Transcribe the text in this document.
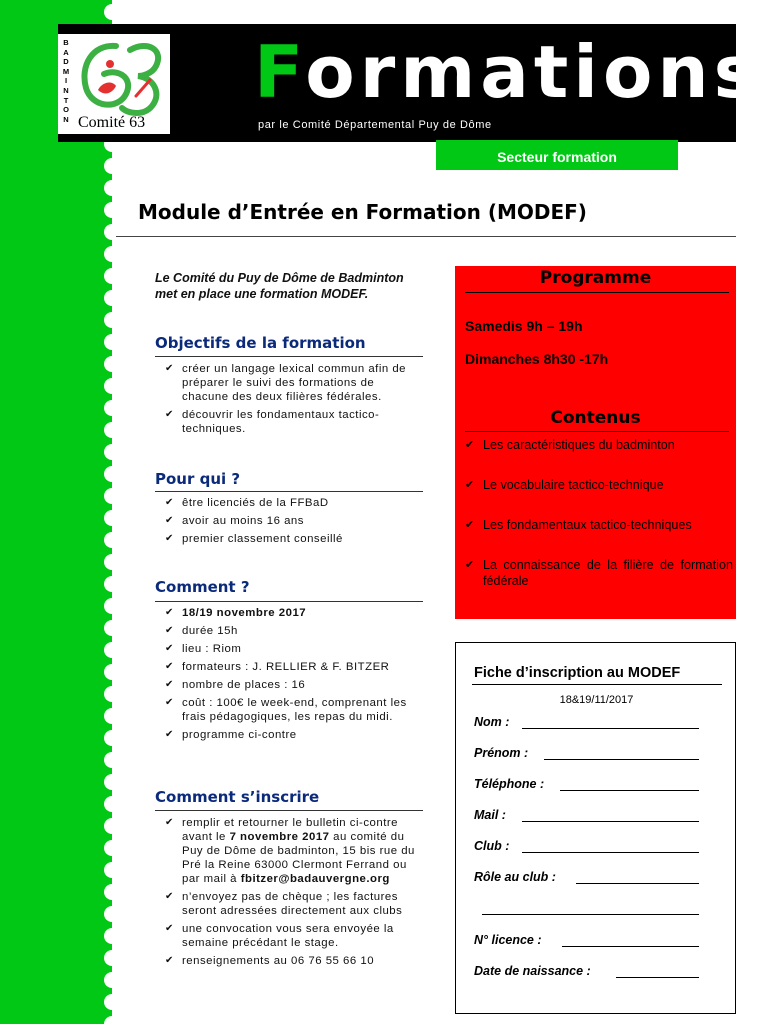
B
A
D
M
I
N
T
O
N Comité 63
Formations
par le Comité Départemental Puy de Dôme
Secteur formation
Module d’Entrée en Formation (MODEF)
Le Comité du Puy de Dôme de Badminton met en place une formation MODEF.
Objectifs de la formation
✔ créer un langage lexical commun afin de préparer le suivi des formations de chacune des deux filières fédérales.
✔ découvrir les fondamentaux tactico-techniques.
Pour qui ?
✔ être licenciés de la FFBaD
✔ avoir au moins 16 ans
✔ premier classement conseillé
Comment ?
✔ 18/19 novembre 2017
✔ durée 15h
✔ lieu : Riom
✔ formateurs : J. RELLIER & F. BITZER
✔ nombre de places : 16
✔ coût : 100€ le week-end, comprenant les frais pédagogiques, les repas du midi.
✔ programme ci-contre
Comment s’inscrire
✔ remplir et retourner le bulletin ci-contre avant le 7 novembre 2017 au comité du Puy de Dôme de badminton, 15 bis rue du Pré la Reine 63000 Clermont Ferrand ou par mail à fbitzer@badauvergne.org
✔ n’envoyez pas de chèque ; les factures seront adressées directement aux clubs
✔ une convocation vous sera envoyée la semaine précédant le stage.
✔ renseignements au 06 76 55 66 10
Programme
Samedis 9h – 19h
Dimanches 8h30 -17h
Contenus
✔ Les caractéristiques du badminton
✔ Le vocabulaire tactico-technique
✔ Les fondamentaux tactico-techniques
✔ La connaissance de la filière de formation fédérale
Fiche d’inscription au MODEF
18&19/11/2017
Nom :
Prénom :
Téléphone :
Mail :
Club :
Rôle au club :
N° licence :
Date de naissance :
